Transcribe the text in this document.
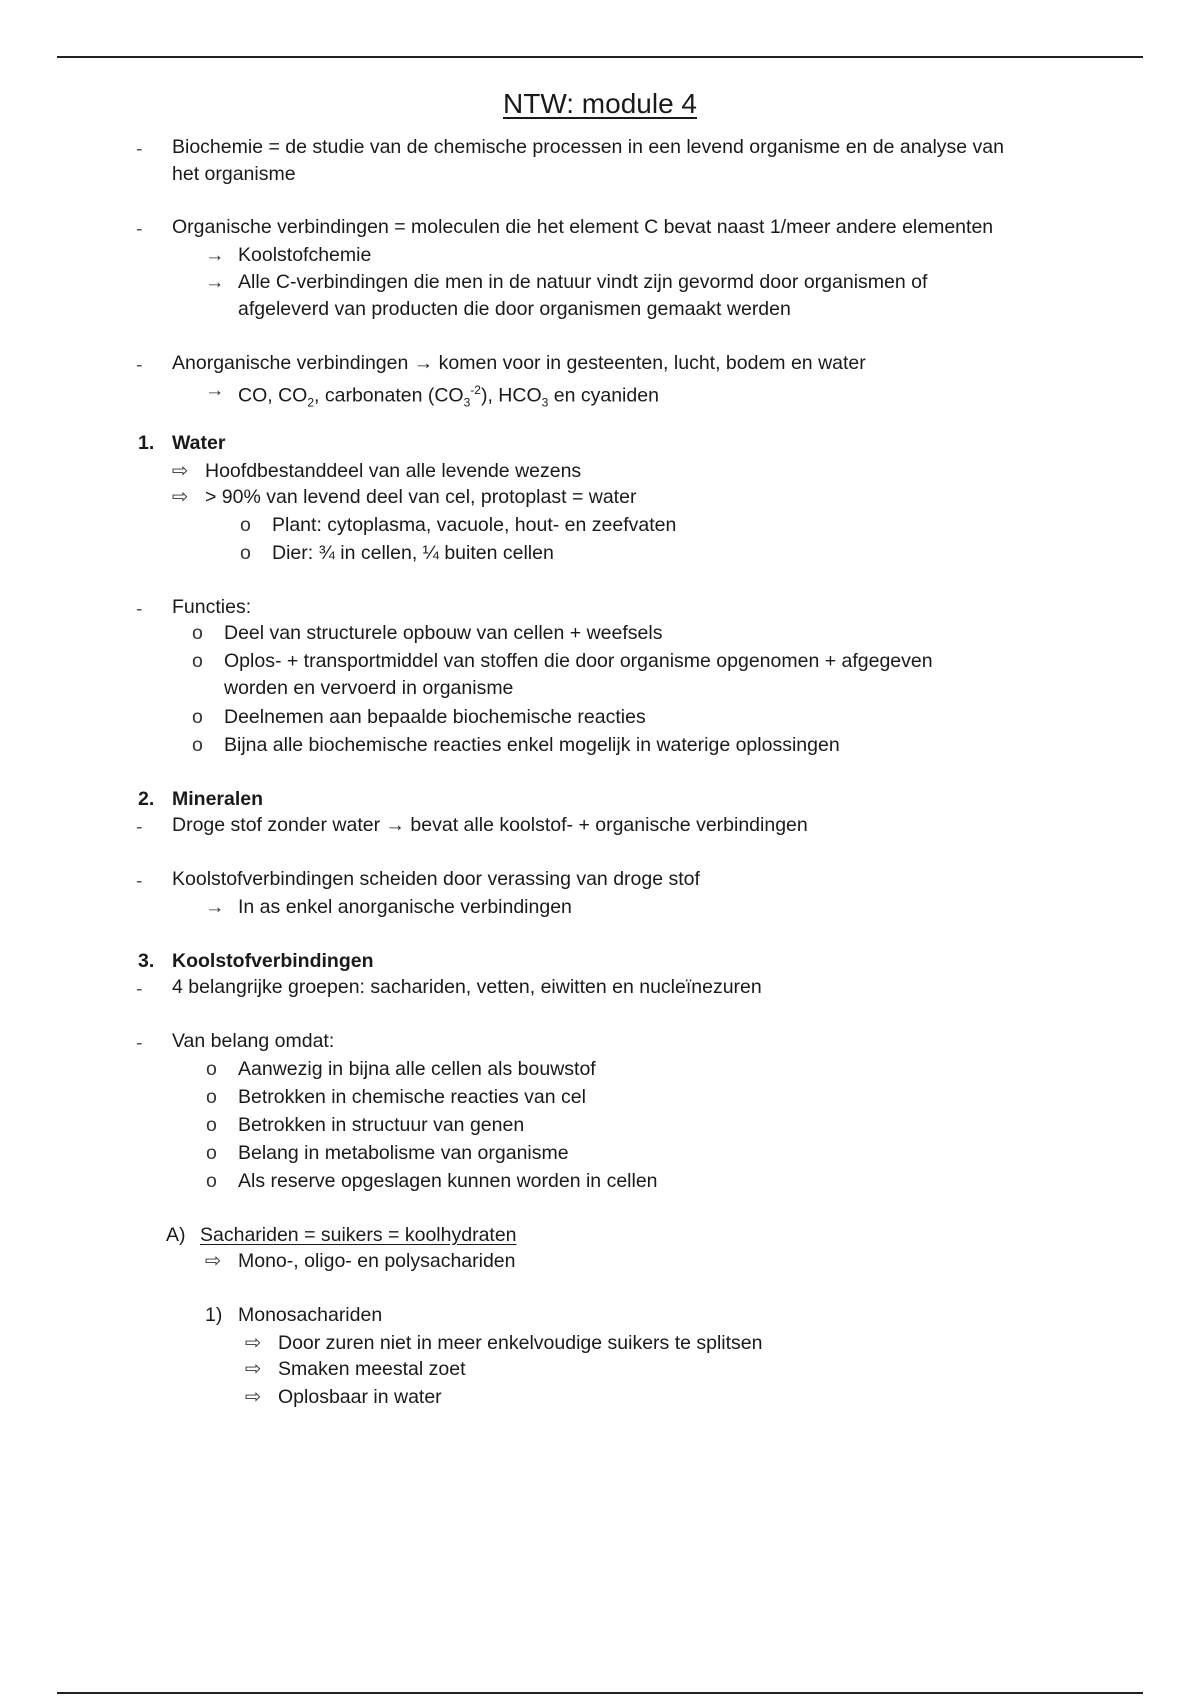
NTW: module 4
- Biochemie = de studie van de chemische processen in een levend organisme en de analyse van
het organisme
- Organische verbindingen = moleculen die het element C bevat naast 1/meer andere elementen
→ Koolstofchemie
→ Alle C-verbindingen die men in de natuur vindt zijn gevormd door organismen of
afgeleverd van producten die door organismen gemaakt werden
- Anorganische verbindingen → komen voor in gesteenten, lucht, bodem en water
→ CO, $CO_2$, carbonaten $(CO_3^{-2})$, $HCO_3$ en cyaniden
1. Water
⇨ Hoofdbestanddeel van alle levende wezens
⇨ > 90% van levend deel van cel, protoplast = water
o Plant: cytoplasma, vacuole, hout- en zeefvaten
o Dier: ¾ in cellen, ¼ buiten cellen
- Functies:
o Deel van structurele opbouw van cellen + weefsels
o Oplos- + transportmiddel van stoffen die door organisme opgenomen + afgegeven
worden en vervoerd in organisme
o Deelnemen aan bepaalde biochemische reacties
o Bijna alle biochemische reacties enkel mogelijk in waterige oplossingen
2. Mineralen
- Droge stof zonder water → bevat alle koolstof- + organische verbindingen
- Koolstofverbindingen scheiden door verassing van droge stof
→ In as enkel anorganische verbindingen
3. Koolstofverbindingen
- 4 belangrijke groepen: sachariden, vetten, eiwitten en nucleïnezuren
- Van belang omdat:
o Aanwezig in bijna alle cellen als bouwstof
o Betrokken in chemische reacties van cel
o Betrokken in structuur van genen
o Belang in metabolisme van organisme
o Als reserve opgeslagen kunnen worden in cellen
A) Sachariden = suikers = koolhydraten
⇨ Mono-, oligo- en polysachariden
1) Monosachariden
⇨ Door zuren niet in meer enkelvoudige suikers te splitsen
⇨ Smaken meestal zoet
⇨ Oplosbaar in water
